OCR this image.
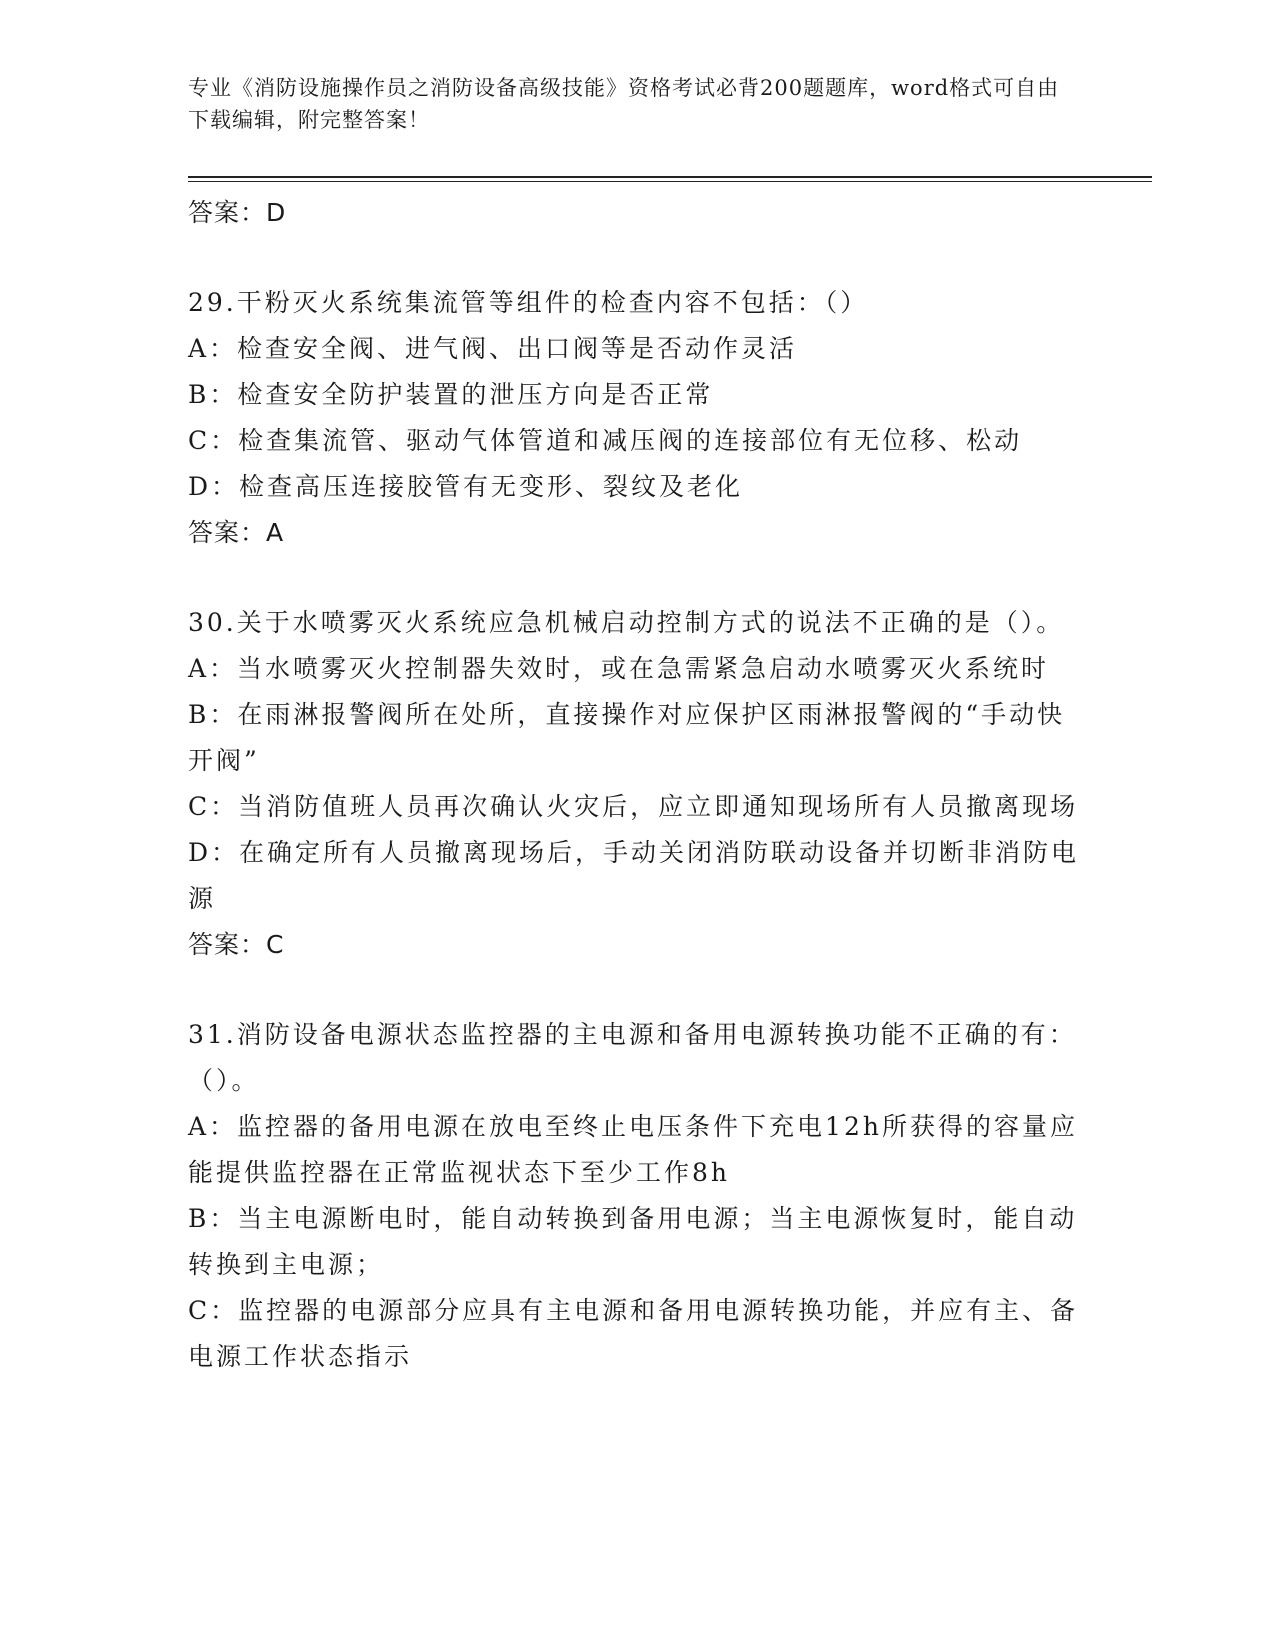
专业《消防设施操作员之消防设备高级技能》资格考试必背200题题库，word格式可自由下载编辑，附完整答案！
答案：D

29.干粉灭火系统集流管等组件的检查内容不包括：（）

A：检查安全阀、进气阀、出口阀等是否动作灵活

B：检查安全防护装置的泄压方向是否正常

C：检查集流管、驱动气体管道和减压阀的连接部位有无位移、松动

D：检查高压连接胶管有无变形、裂纹及老化

答案：A

30.关于水喷雾灭火系统应急机械启动控制方式的说法不正确的是（）。

A：当水喷雾灭火控制器失效时，或在急需紧急启动水喷雾灭火系统时

B：在雨淋报警阀所在处所，直接操作对应保护区雨淋报警阀的“手动快开阀”

C：当消防值班人员再次确认火灾后，应立即通知现场所有人员撤离现场

D：在确定所有人员撤离现场后，手动关闭消防联动设备并切断非消防电源

答案：C

31.消防设备电源状态监控器的主电源和备用电源转换功能不正确的有：（）。

A：监控器的备用电源在放电至终止电压条件下充电12h所获得的容量应能提供监控器在正常监视状态下至少工作8h

B：当主电源断电时，能自动转换到备用电源；当主电源恢复时，能自动转换到主电源；

C：监控器的电源部分应具有主电源和备用电源转换功能，并应有主、备电源工作状态指示
